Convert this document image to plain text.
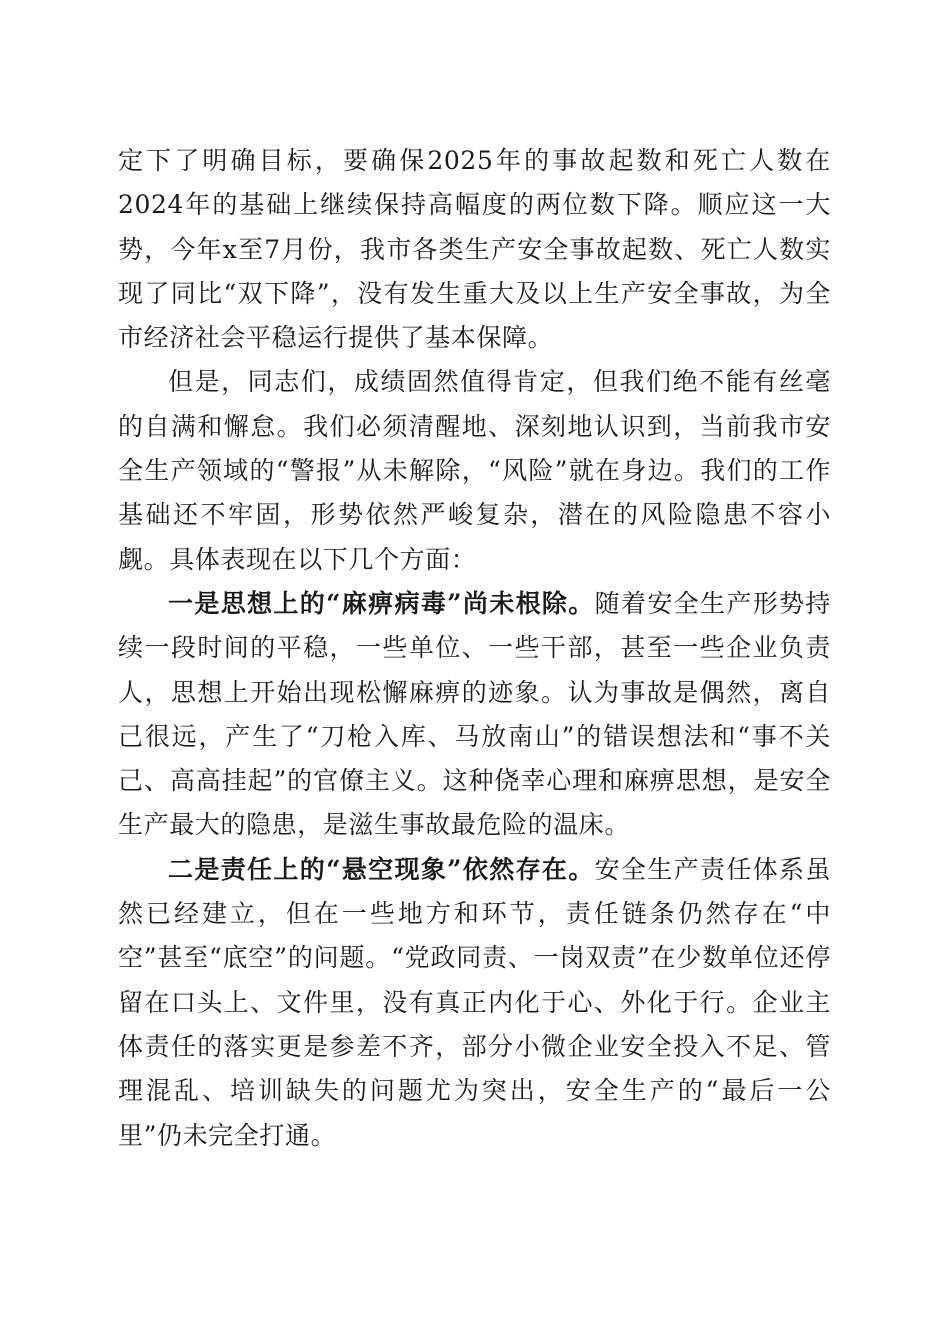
定下了明确目标，要确保2025年的事故起数和死亡人数在2024年的基础上继续保持高幅度的两位数下降。顺应这一大势，今年x至7月份，我市各类生产安全事故起数、死亡人数实现了同比“双下降”，没有发生重大及以上生产安全事故，为全市经济社会平稳运行提供了基本保障。

但是，同志们，成绩固然值得肯定，但我们绝不能有丝毫的自满和懈怠。我们必须清醒地、深刻地认识到，当前我市安全生产领域的“警报”从未解除，“风险”就在身边。我们的工作基础还不牢固，形势依然严峻复杂，潜在的风险隐患不容小觑。具体表现在以下几个方面：

一是思想上的“麻痹病毒”尚未根除。随着安全生产形势持续一段时间的平稳，一些单位、一些干部，甚至一些企业负责人，思想上开始出现松懈麻痹的迹象。认为事故是偶然，离自己很远，产生了“刀枪入库、马放南山”的错误想法和“事不关己、高高挂起”的官僚主义。这种侥幸心理和麻痹思想，是安全生产最大的隐患，是滋生事故最危险的温床。

二是责任上的“悬空现象”依然存在。安全生产责任体系虽然已经建立，但在一些地方和环节，责任链条仍然存在“中空”甚至“底空”的问题。“党政同责、一岗双责”在少数单位还停留在口头上、文件里，没有真正内化于心、外化于行。企业主体责任的落实更是参差不齐，部分小微企业安全投入不足、管理混乱、培训缺失的问题尤为突出，安全生产的“最后一公里”仍未完全打通。
